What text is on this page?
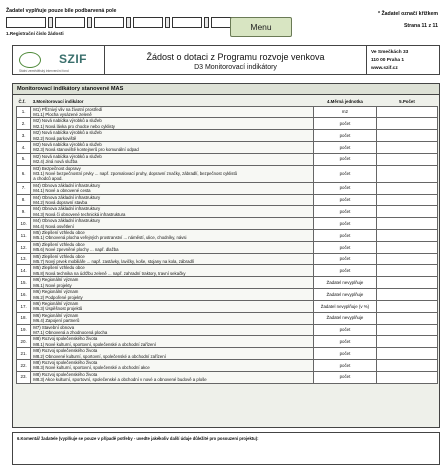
Žadatel vyplňuje pouze bíle podbarvená pole	* Žadatel označí křížkem
Strana 11 z 11
1.Registrační číslo žádosti
Menu
SZIF
Státní zemědělský intervenční fond
Žádost o dotaci z Programu rozvoje venkova
D3 Monitorovací indikátory
Ve Smečkách 33
110 00 Praha 1
www.szif.cz
Monitorovací indikátory stanovené MAS
Č.f.	3.Monitorovací indikátor	4.Měrná jednotka	5.Počet
1.	M1) Příznivý vliv na životní prostředí
M1.1) Plocha vysázené zeleně	m2	
2.	M2) Nová nabídka výrobků a služeb
M2.1) Nová lávka pro chodce nebo cyklisty	počet	
3.	M2) Nová nabídka výrobků a služeb
M2.2) Nová parkoviště	počet	
4.	M2) Nová nabídka výrobků a služeb
M2.3) Nová stanoviště kontejnerů pro komunální odpad	počet	
5.	M2) Nová nabídka výrobků a služeb
M2.4) Jiná nová služba	počet	
6.	M3) Bezpečnost dopravy
M3.1) Nové bezpečnostní prvky ... např. zpomalovací pruhy, dopravní značky, zábradlí, bezpečnost cyklistů
a chodců apod.	počet	
7.	M4) Obnova základní infrastruktury
M4.1) Nové a obnovené cesta	počet	
8.	M4) Obnova základní infrastruktury
M4.2) Nová dopravní stavba	počet	
9.	M4) Obnova základní infrastruktury
M4.3) Nová či obnovené technická infrastruktura	počet	
10.	M4) Obnova základní infrastruktury
M4.4) Nová osvětlení	počet	
11.	M5) Zlepšení vzhledu obce
M5.1) Obnovená plocha veřejných prostranství ... náměstí, ulice, chodníky, návsi	počet	
12.	M5) Zlepšení vzhledu obce
M5.6) Nové zpevněné plochy ... např. dlažba	počet	
13.	M5) Zlepšení vzhledu obce
M5.7) Nový prvek mobiliáře ... např. zastávky, lavičky, koše, stojany na kola, zábradlí	počet	
14.	M5) Zlepšení vzhledu obce
M5.8) Nová technika na údržbu zeleně ... např. zahradní traktory, travní sekačky	počet	
15.	M6) Regionální význam
M6.1) Nové projekty	Žadatel nevyplňuje	
16.	M6) Regionální význam
M6.2) Podpořené projekty	Žadatel nevyplňuje	
17.	M6) Regionální význam
M6.3) Úspěšnost projektů	Žadatel nevyplňuje (v %)	
18.	M6) Regionální význam
M6.4) Zapojení partnerů	Žadatel nevyplňuje	
19.	M7) Stavební obnova
M7.1) Obnovená a zhodnocená plocha	počet	
20.	M8) Rozvoj společenského života
M8.1) Nové kulturní, sportovní, společenské a obchodní zařízení	počet	
21.	M8) Rozvoj společenského života
M8.2) Obnovené kulturní, sportovní, společenské a obchodní zařízení	počet	
22.	M8) Rozvoj společenského života
M8.3) Nové kulturní, sportovní, společenské a obchodní akce	počet	
23.	M8) Rozvoj společenského života
M8.3) Akce kulturní, sportovní, společenské a obchodní v nové a obnovené budově a ploše	počet	
6.Komentář žadatele (vyplňuje se pouze v případě potřeby - uvedte jakékoliv další údaje důležité pro posouzení projektu):
